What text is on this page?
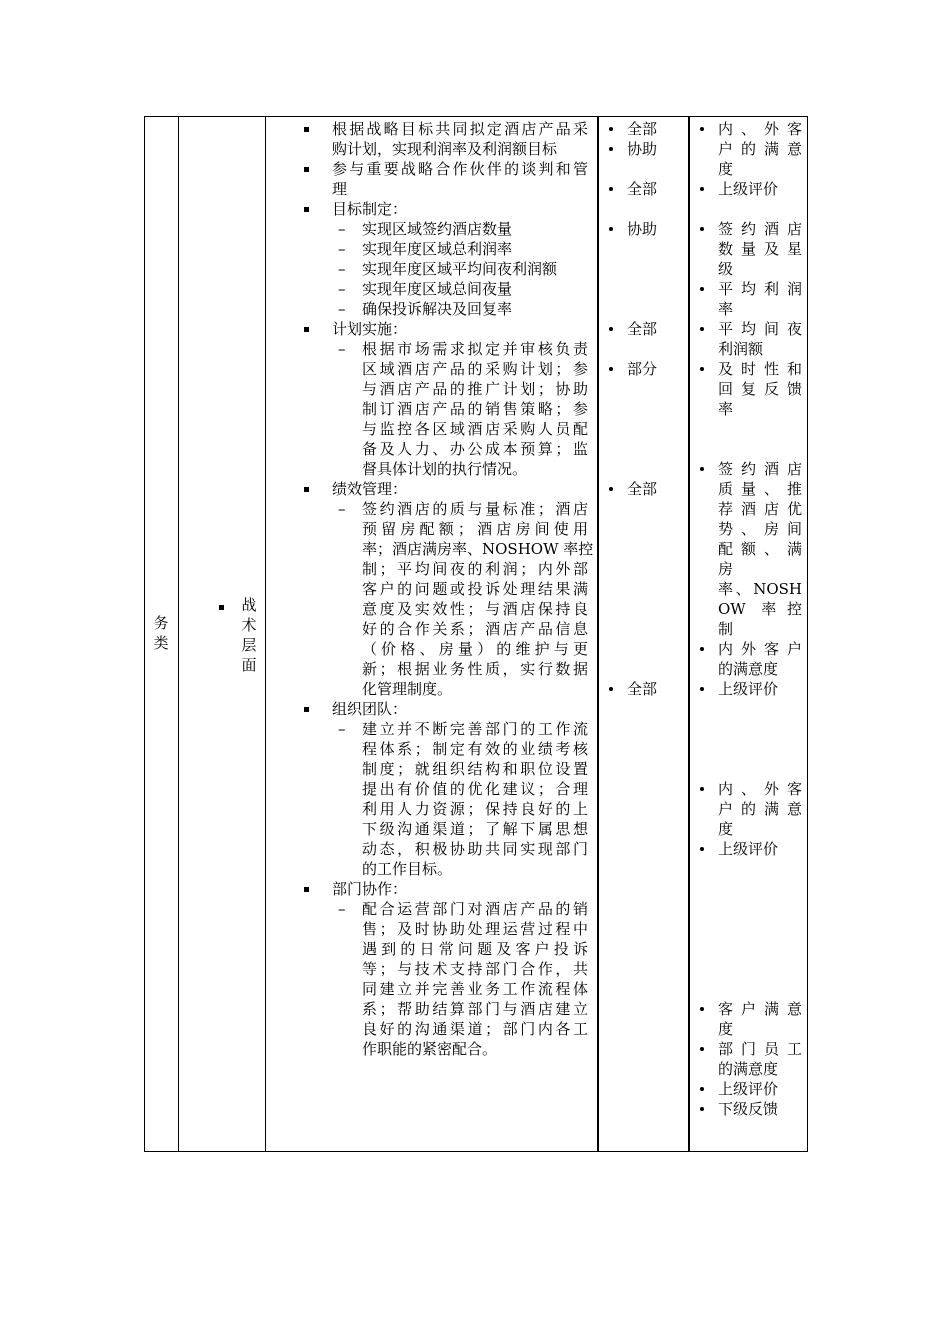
务类
战术层面
根据战略目标共同拟定酒店产品采
购计划，实现利润率及利润额目标
参与重要战略合作伙伴的谈判和管
理
目标制定：
– 实现区域签约酒店数量
– 实现年度区域总利润率
– 实现年度区域平均间夜利润额
– 实现年度区域总间夜量
– 确保投诉解决及回复率
计划实施：
– 根据市场需求拟定并审核负责
区域酒店产品的采购计划；参
与酒店产品的推广计划；协助
制订酒店产品的销售策略；参
与监控各区域酒店采购人员配
备及人力、办公成本预算；监
督具体计划的执行情况。
绩效管理：
– 签约酒店的质与量标准；酒店
预留房配额；酒店房间使用
率；酒店满房率、NOSHOW 率控
制；平均间夜的利润；内外部
客户的问题或投诉处理结果满
意度及实效性；与酒店保持良
好的合作关系；酒店产品信息
（价格、房量）的维护与更
新；根据业务性质，实行数据
化管理制度。
组织团队：
– 建立并不断完善部门的工作流
程体系；制定有效的业绩考核
制度；就组织结构和职位设置
提出有价值的优化建议；合理
利用人力资源；保持良好的上
下级沟通渠道；了解下属思想
动态，积极协助共同实现部门
的工作目标。
部门协作：
– 配合运营部门对酒店产品的销
售；及时协助处理运营过程中
遇到的日常问题及客户投诉
等；与技术支持部门合作，共
同建立并完善业务工作流程体
系；帮助结算部门与酒店建立
良好的沟通渠道；部门内各工
作职能的紧密配合。
全部
协助
全部
协助
全部
部分
全部
全部
内、外客
户的满意
度
上级评价
签约酒店
数量及星
级
平均利润
率
平均间夜
利润额
及时性和
回复反馈
率
签约酒店
质量、推
荐酒店优
势、房间
配额、满
房
率、NOSH
OW 率控
制
内外客户
的满意度
上级评价
内、外客
户的满意
度
上级评价
客户满意
度
部门员工
的满意度
上级评价
下级反馈
